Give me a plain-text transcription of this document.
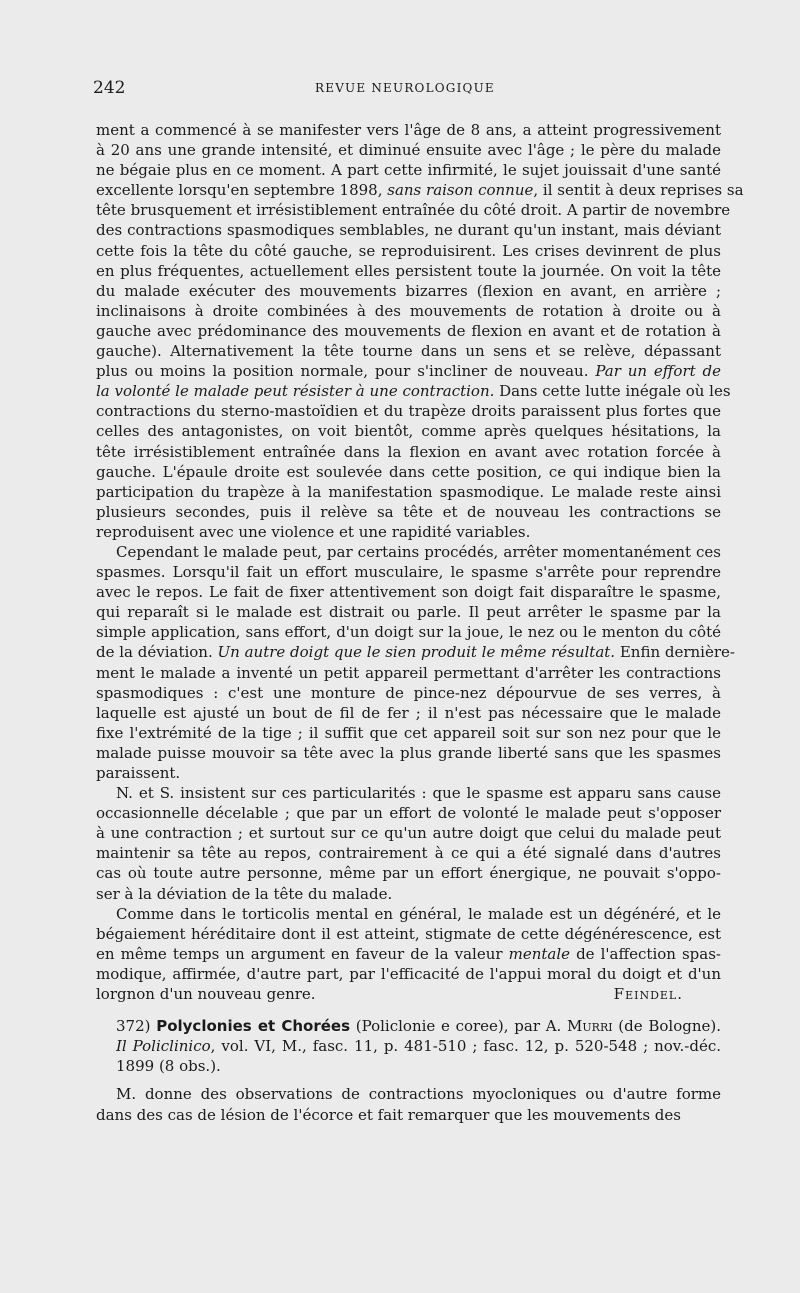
242	REVUE NEUROLOGIQUE
ment a commencé à se manifester vers l'âge de 8 ans, a atteint progressivement
à 20 ans une grande intensité, et diminué ensuite avec l'âge ; le père du malade
ne bégaie plus en ce moment. A part cette infirmité, le sujet jouissait d'une santé
excellente lorsqu'en septembre 1898, sans raison connue, il sentit à deux reprises sa
tête brusquement et irrésistiblement entraînée du côté droit. A partir de novembre
des contractions spasmodiques semblables, ne durant qu'un instant, mais déviant
cette fois la tête du côté gauche, se reproduisirent. Les crises devinrent de plus
en plus fréquentes, actuellement elles persistent toute la journée. On voit la tête
du malade exécuter des mouvements bizarres (flexion en avant, en arrière ;
inclinaisons à droite combinées à des mouvements de rotation à droite ou à
gauche avec prédominance des mouvements de flexion en avant et de rotation à
gauche). Alternativement la tête tourne dans un sens et se relève, dépassant
plus ou moins la position normale, pour s'incliner de nouveau. Par un effort de
la volonté le malade peut résister à une contraction. Dans cette lutte inégale où les
contractions du sterno-mastoïdien et du trapèze droits paraissent plus fortes que
celles des antagonistes, on voit bientôt, comme après quelques hésitations, la
tête irrésistiblement entraînée dans la flexion en avant avec rotation forcée à
gauche. L'épaule droite est soulevée dans cette position, ce qui indique bien la
participation du trapèze à la manifestation spasmodique. Le malade reste ainsi
plusieurs secondes, puis il relève sa tête et de nouveau les contractions se
reproduisent avec une violence et une rapidité variables.
Cependant le malade peut, par certains procédés, arrêter momentanément ces
spasmes. Lorsqu'il fait un effort musculaire, le spasme s'arrête pour reprendre
avec le repos. Le fait de fixer attentivement son doigt fait disparaître le spasme,
qui reparaît si le malade est distrait ou parle. Il peut arrêter le spasme par la
simple application, sans effort, d'un doigt sur la joue, le nez ou le menton du côté
de la déviation. Un autre doigt que le sien produit le même résultat. Enfin dernière-
ment le malade a inventé un petit appareil permettant d'arrêter les contractions
spasmodiques : c'est une monture de pince-nez dépourvue de ses verres, à
laquelle est ajusté un bout de fil de fer ; il n'est pas nécessaire que le malade
fixe l'extrémité de la tige ; il suffit que cet appareil soit sur son nez pour que le
malade puisse mouvoir sa tête avec la plus grande liberté sans que les spasmes
paraissent.
N. et S. insistent sur ces particularités : que le spasme est apparu sans cause
occasionnelle décelable ; que par un effort de volonté le malade peut s'opposer
à une contraction ; et surtout sur ce qu'un autre doigt que celui du malade peut
maintenir sa tête au repos, contrairement à ce qui a été signalé dans d'autres
cas où toute autre personne, même par un effort énergique, ne pouvait s'oppo-
ser à la déviation de la tête du malade.
Comme dans le torticolis mental en général, le malade est un dégénéré, et le
bégaiement héréditaire dont il est atteint, stigmate de cette dégénérescence, est
en même temps un argument en faveur de la valeur mentale de l'affection spas-
modique, affirmée, d'autre part, par l'efficacité de l'appui moral du doigt et d'un
lorgnon d'un nouveau genre.	Feindel.
372) Polyclonies et Chorées (Policlonie e coree), par A. Murri (de Bologne).
Il Policlinico, vol. VI, M., fasc. 11, p. 481-510 ; fasc. 12, p. 520-548 ; nov.-déc.
1899 (8 obs.).
M. donne des observations de contractions myocloniques ou d'autre forme
dans des cas de lésion de l'écorce et fait remarquer que les mouvements des
